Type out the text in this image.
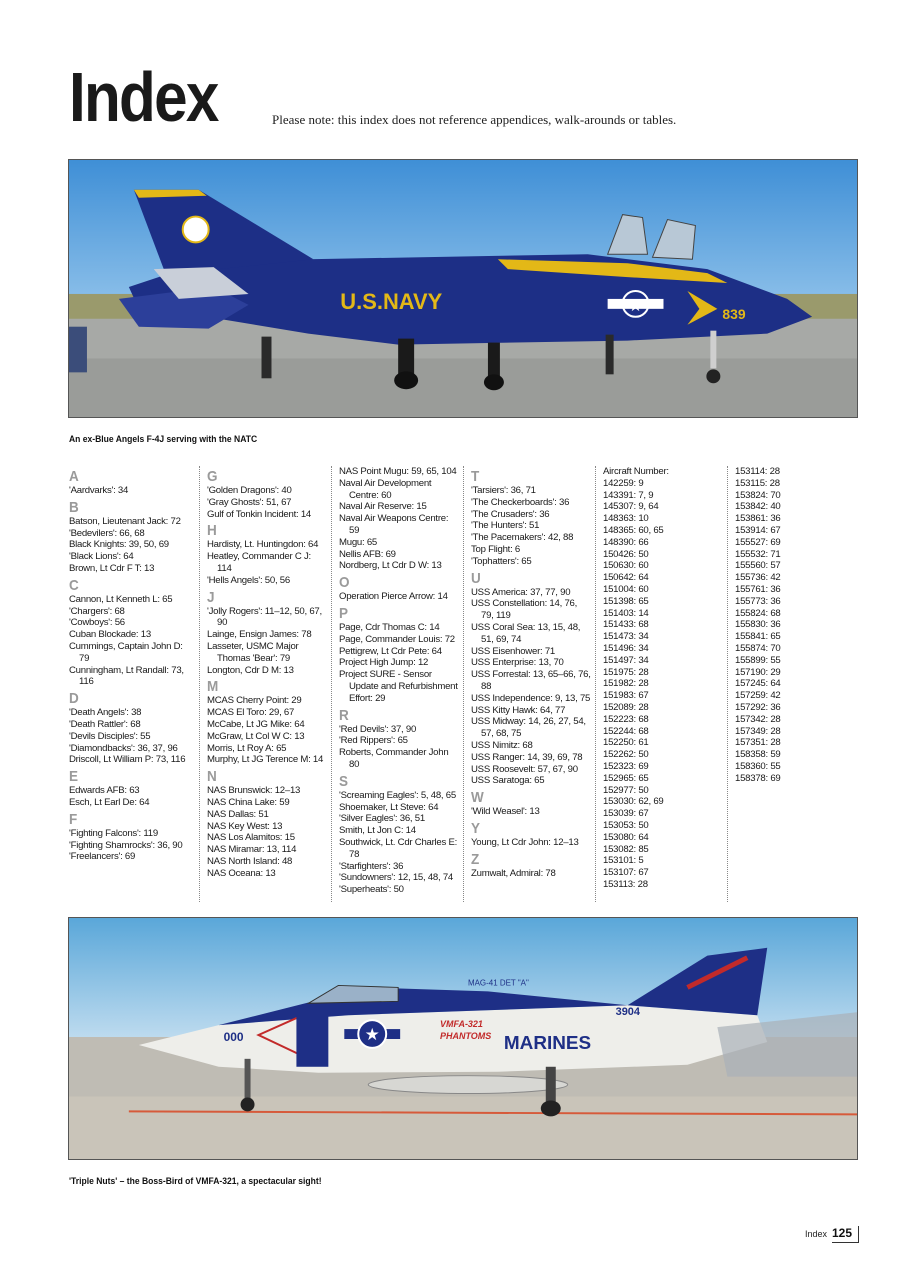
Index	Please note: this index does not reference appendices, walk-arounds or tables.
★
U.S.NAVY	839
An ex-Blue Angels F-4J serving with the NATC
A
'Aardvarks': 34
B
Batson, Lieutenant Jack: 72
'Bedevilers': 66, 68
Black Knights: 39, 50, 69
'Black Lions': 64
Brown, Lt Cdr F T: 13
C
Cannon, Lt Kenneth L: 65
'Chargers': 68
'Cowboys': 56
Cuban Blockade: 13
Cummings, Captain John D: 79
Cunningham, Lt Randall: 73, 116
D
'Death Angels': 38
'Death Rattler': 68
'Devils Disciples': 55
'Diamondbacks': 36, 37, 96
Driscoll, Lt William P: 73, 116
E
Edwards AFB: 63
Esch, Lt Earl De: 64
F
'Fighting Falcons': 119
'Fighting Shamrocks': 36, 90
'Freelancers': 69
G
'Golden Dragons': 40
'Gray Ghosts': 51, 67
Gulf of Tonkin Incident: 14
H
Hardisty, Lt. Huntingdon: 64
Heatley, Commander C J: 114
'Hells Angels': 50, 56
J
'Jolly Rogers': 11–12, 50, 67, 90
Lainge, Ensign James: 78
Lasseter, USMC Major Thomas 'Bear': 79
Longton, Cdr D M: 13
M
MCAS Cherry Point: 29
MCAS El Toro: 29, 67
McCabe, Lt JG Mike: 64
McGraw, Lt Col W C: 13
Morris, Lt Roy A: 65
Murphy, Lt JG Terence M: 14
N
NAS Brunswick: 12–13
NAS China Lake: 59
NAS Dallas: 51
NAS Key West: 13
NAS Los Alamitos: 15
NAS Miramar: 13, 114
NAS North Island: 48
NAS Oceana: 13
NAS Point Mugu: 59, 65, 104
Naval Air Development Centre: 60
Naval Air Reserve: 15
Naval Air Weapons Centre: 59
Mugu: 65
Nellis AFB: 69
Nordberg, Lt Cdr D W: 13
O
Operation Pierce Arrow: 14
P
Page, Cdr Thomas C: 14
Page, Commander Louis: 72
Pettigrew, Lt Cdr Pete: 64
Project High Jump: 12
Project SURE - Sensor Update and Refurbishment Effort: 29
R
'Red Devils': 37, 90
'Red Rippers': 65
Roberts, Commander John 80
S
'Screaming Eagles': 5, 48, 65
Shoemaker, Lt Steve: 64
'Silver Eagles': 36, 51
Smith, Lt Jon C: 14
Southwick, Lt. Cdr Charles E: 78
'Starfighters': 36
'Sundowners': 12, 15, 48, 74
'Superheats': 50
T
'Tarsiers': 36, 71
'The Checkerboards': 36
'The Crusaders': 36
'The Hunters': 51
'The Pacemakers': 42, 88
Top Flight: 6
'Tophatters': 65
U
USS America: 37, 77, 90
USS Constellation: 14, 76, 79, 119
USS Coral Sea: 13, 15, 48, 51, 69, 74
USS Eisenhower: 71
USS Enterprise: 13, 70
USS Forrestal: 13, 65–66, 76, 88
USS Independence: 9, 13, 75
USS Kitty Hawk: 64, 77
USS Midway: 14, 26, 27, 54, 57, 68, 75
USS Nimitz: 68
USS Ranger: 14, 39, 69, 78
USS Roosevelt: 57, 67, 90
USS Saratoga: 65
W
'Wild Weasel': 13
Y
Young, Lt Cdr John: 12–13
Z
Zumwalt, Admiral: 78
Aircraft Number:
142259: 9
143391: 7, 9
145307: 9, 64
148363: 10
148365: 60, 65
148390: 66
150426: 50
150630: 60
150642: 64
151004: 60
151398: 65
151403: 14
151433: 68
151473: 34
151496: 34
151497: 34
151975: 28
151982: 28
151983: 67
152089: 28
152223: 68
152244: 68
152250: 61
152262: 50
152323: 69
152965: 65
152977: 50
153030: 62, 69
153039: 67
153053: 50
153080: 64
153082: 85
153101: 5
153107: 67
153113: 28
153114: 28
153115: 28
153824: 70
153842: 40
153861: 36
153914: 67
155527: 69
155532: 71
155560: 57
155736: 42
155761: 36
155773: 36
155824: 68
155830: 36
155841: 65
155874: 70
155899: 55
157190: 29
157245: 64
157259: 42
157292: 36
157342: 28
157349: 28
157351: 28
158358: 59
158360: 55
158378: 69
★
000
MAG-41 DET "A"
3904
VMFA-321
PHANTOMS MARINES
'Triple Nuts' – the Boss-Bird of VMFA-321, a spectacular sight!
Index 125
